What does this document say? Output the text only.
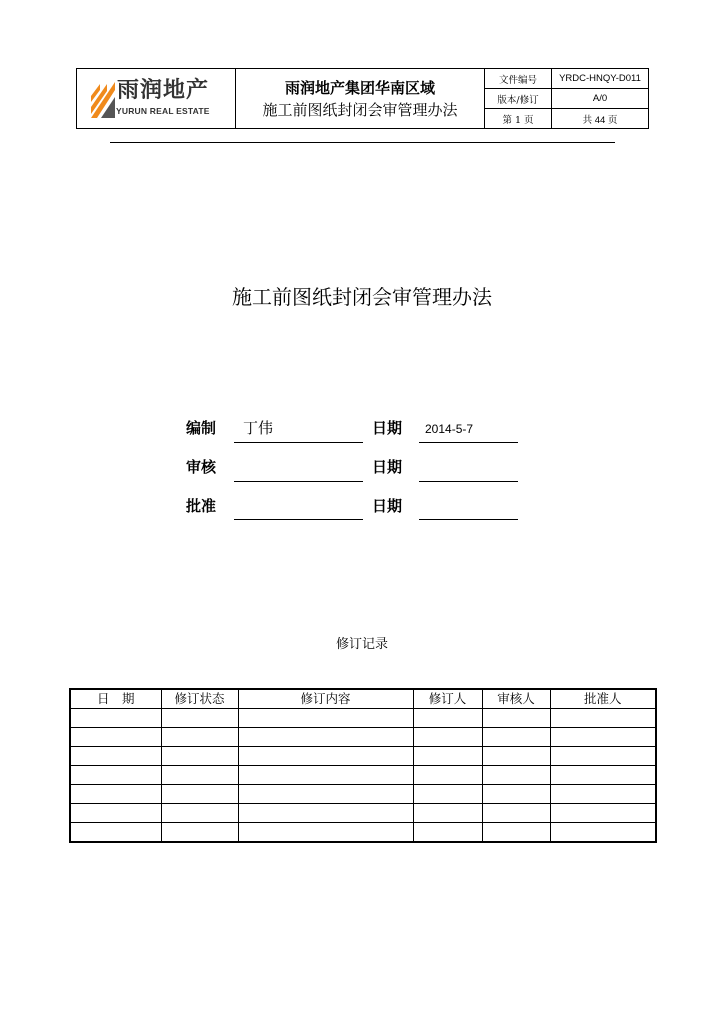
雨润地产
YURUN REAL ESTATE	雨润地产集团华南区域
施工前图纸封闭会审管理办法	文件编号	YRDC-HNQY-D011
		版本/修订	A/0
		第 1 页	共 44 页
施工前图纸封闭会审管理办法
编制 丁伟	日期 2014-5-7
审核	日期
批准	日期
修订记录
日　期	修订状态	修订内容	修订人	审核人	批准人
